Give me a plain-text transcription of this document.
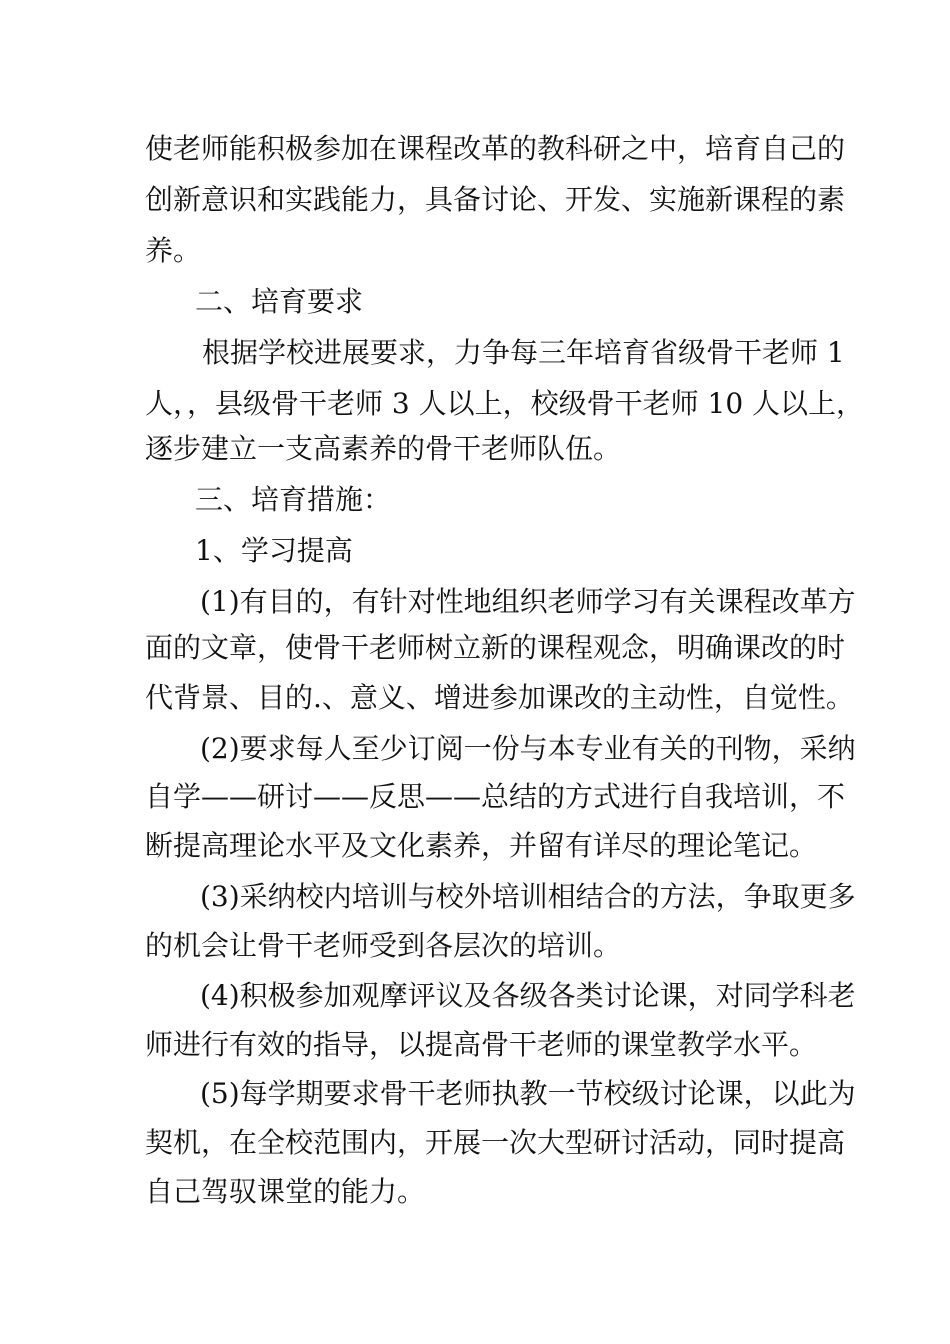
使老师能积极参加在课程改革的教科研之中，培育自己的
创新意识和实践能力，具备讨论、开发、实施新课程的素
养。
二、培育要求
根据学校进展要求，力争每三年培育省级骨干老师 1
人，，县级骨干老师 3 人以上，校级骨干老师 10 人以上，
逐步建立一支高素养的骨干老师队伍。
三、培育措施：
1、学习提高
(1)有目的，有针对性地组织老师学习有关课程改革方
面的文章，使骨干老师树立新的课程观念，明确课改的时
代背景、目的.、意义、增进参加课改的主动性，自觉性。
(2)要求每人至少订阅一份与本专业有关的刊物，采纳
自学——研讨——反思——总结的方式进行自我培训，不
断提高理论水平及文化素养，并留有详尽的理论笔记。
(3)采纳校内培训与校外培训相结合的方法，争取更多
的机会让骨干老师受到各层次的培训。
(4)积极参加观摩评议及各级各类讨论课，对同学科老
师进行有效的指导，以提高骨干老师的课堂教学水平。
(5)每学期要求骨干老师执教一节校级讨论课，以此为
契机，在全校范围内，开展一次大型研讨活动，同时提高
自己驾驭课堂的能力。
